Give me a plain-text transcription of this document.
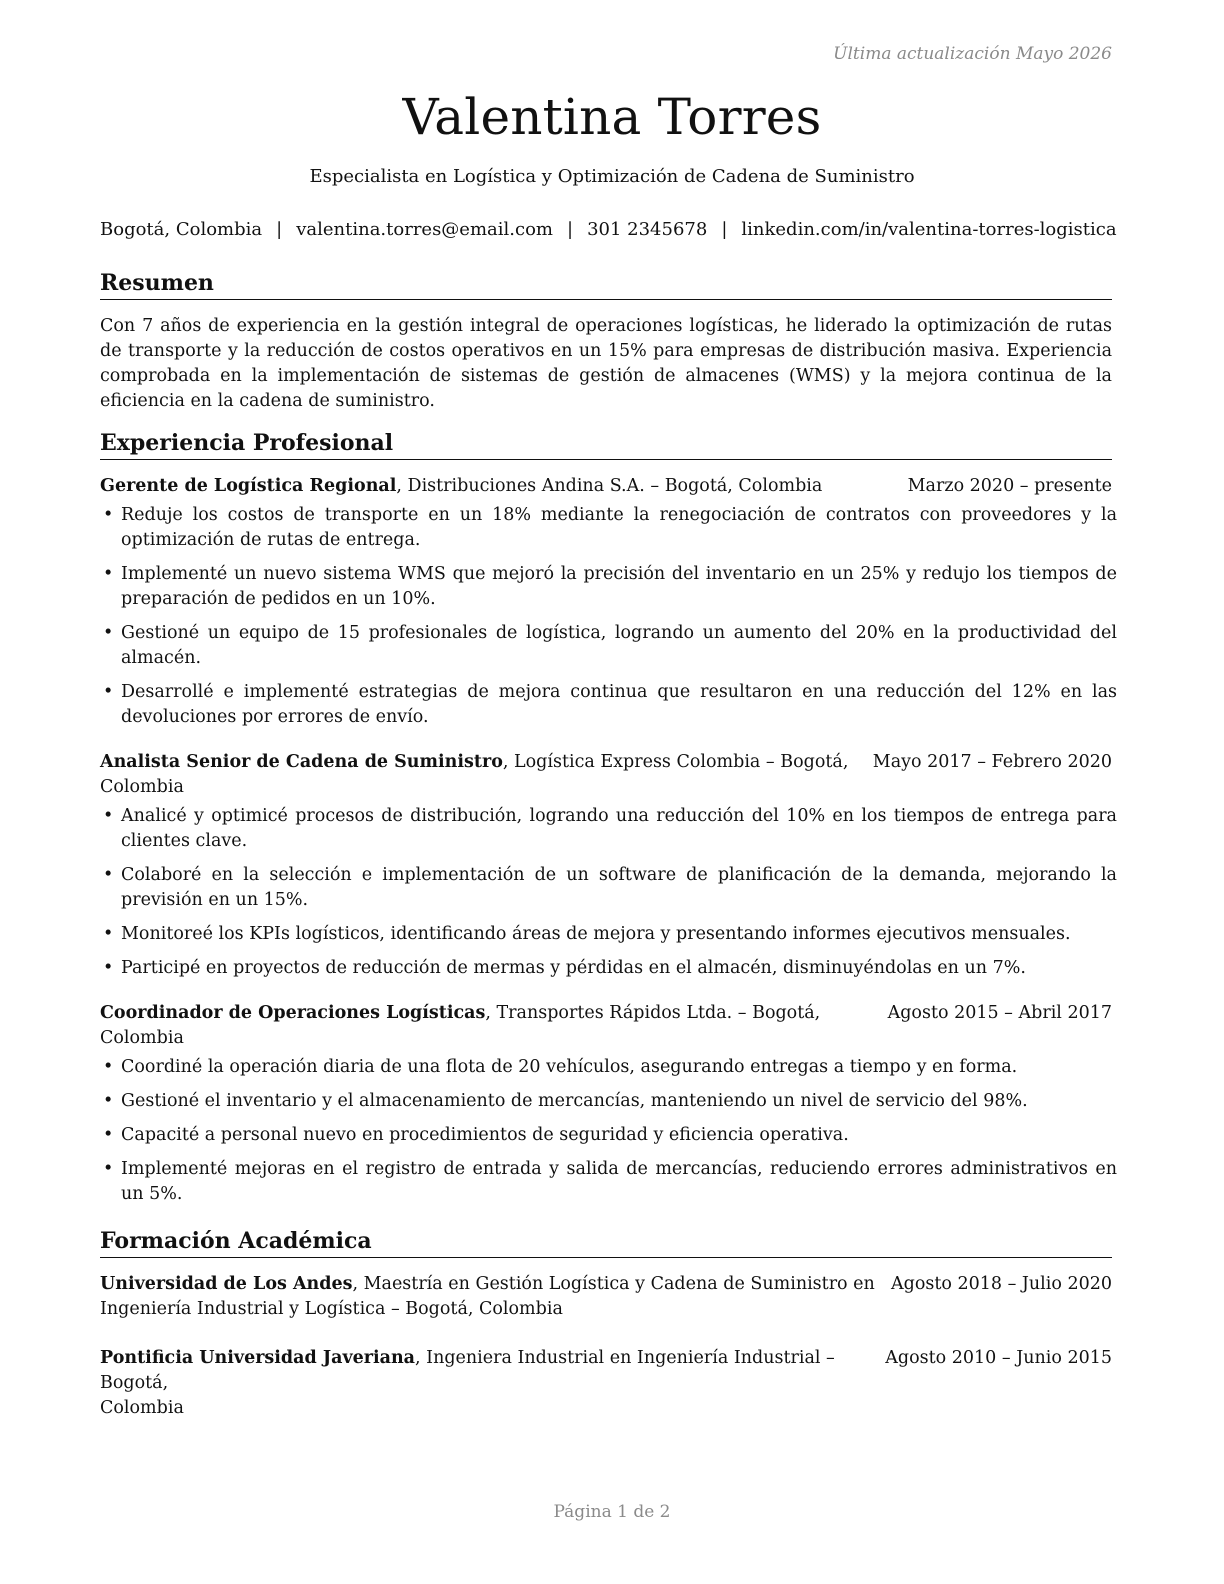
Última actualización Mayo 2026
Valentina Torres
Especialista en Logística y Optimización de Cadena de Suministro
Bogotá, Colombia | valentina.torres@email.com | 301 2345678 | linkedin.com/in/valentina-torres-logistica
Resumen

Con 7 años de experiencia en la gestión integral de operaciones logísticas, he liderado la optimización de rutas de transporte y la reducción de costos operativos en un 15% para empresas de distribución masiva. Experiencia comprobada en la implementación de sistemas de gestión de almacenes (WMS) y la mejora continua de la eficiencia en la cadena de suministro.

Experiencia Profesional
Gerente de Logística Regional, Distribuciones Andina S.A. – Bogotá, Colombia	Marzo 2020 – presente
• Reduje los costos de transporte en un 18% mediante la renegociación de contratos con proveedores y la optimización de rutas de entrega.
• Implementé un nuevo sistema WMS que mejoró la precisión del inventario en un 25% y redujo los tiempos de preparación de pedidos en un 10%.
• Gestioné un equipo de 15 profesionales de logística, logrando un aumento del 20% en la productividad del almacén.
• Desarrollé e implementé estrategias de mejora continua que resultaron en una reducción del 12% en las devoluciones por errores de envío.
Analista Senior de Cadena de Suministro, Logística Express Colombia – Bogotá, Colombia
Mayo 2017 – Febrero 2020
• Analicé y optimicé procesos de distribución, logrando una reducción del 10% en los tiempos de entrega para clientes clave.
• Colaboré en la selección e implementación de un software de planificación de la demanda, mejorando la previsión en un 15%.
• Monitoreé los KPIs logísticos, identificando áreas de mejora y presentando informes ejecutivos mensuales.
• Participé en proyectos de reducción de mermas y pérdidas en el almacén, disminuyéndolas en un 7%.
Coordinador de Operaciones Logísticas, Transportes Rápidos Ltda. – Bogotá, Colombia
Agosto 2015 – Abril 2017
• Coordiné la operación diaria de una flota de 20 vehículos, asegurando entregas a tiempo y en forma.
• Gestioné el inventario y el almacenamiento de mercancías, manteniendo un nivel de servicio del 98%.
• Capacité a personal nuevo en procedimientos de seguridad y eficiencia operativa.
• Implementé mejoras en el registro de entrada y salida de mercancías, reduciendo errores administrativos en un 5%.
Formación Académica
Universidad de Los Andes, Maestría en Gestión Logística y Cadena de Suministro en Agosto 2018 – Julio 2020
Ingeniería Industrial y Logística – Bogotá, Colombia
Pontificia Universidad Javeriana, Ingeniera Industrial en Ingeniería Industrial – Bogotá,
Agosto 2010 – Junio 2015
Colombia
Página 1 de 2
